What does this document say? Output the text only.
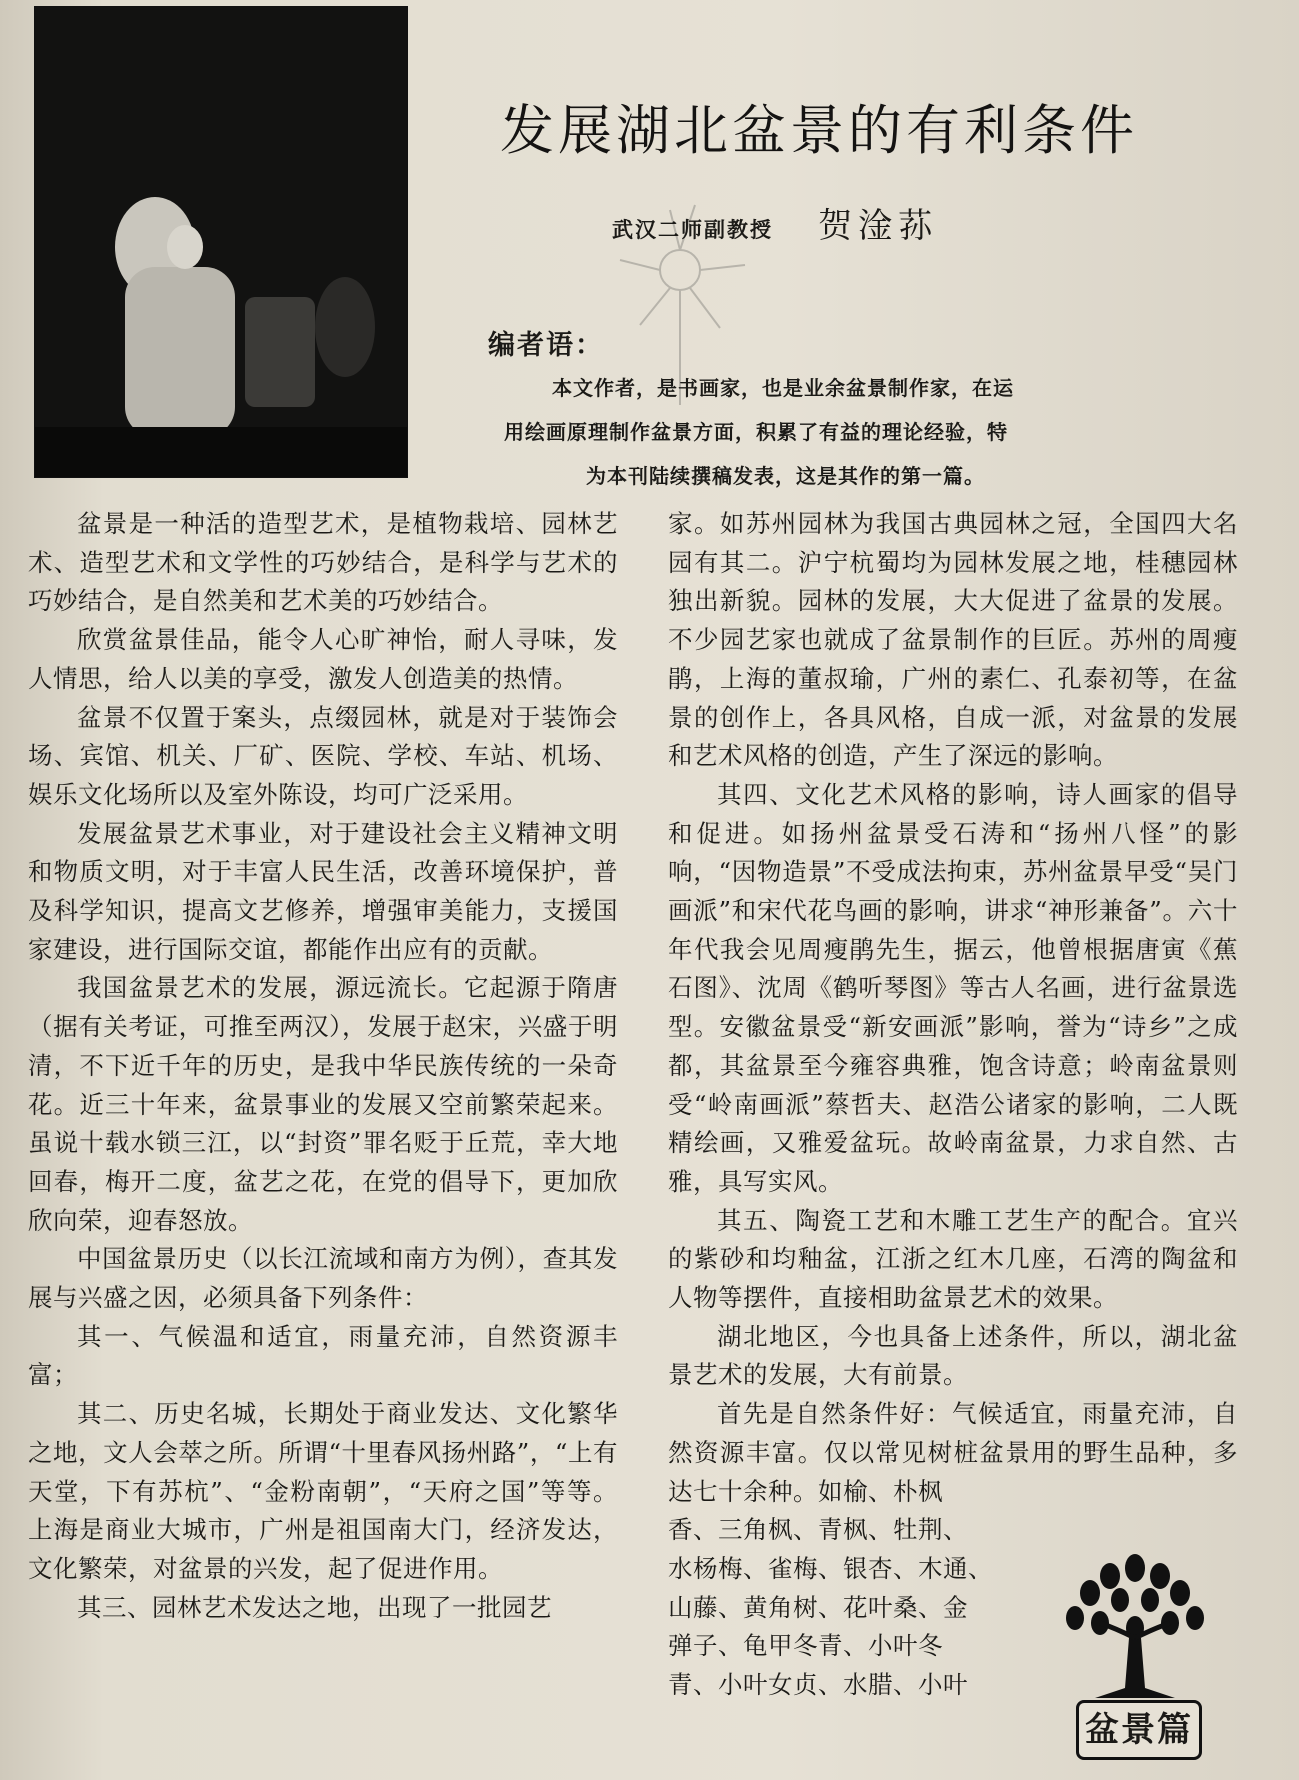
发展湖北盆景的有利条件
武汉二师副教授 贺淦荪
编者语：
本文作者，是书画家，也是业余盆景制作家，在运
用绘画原理制作盆景方面，积累了有益的理论经验，特
为本刊陆续撰稿发表，这是其作的第一篇。

盆景是一种活的造型艺术，是植物栽培、园林艺术、造型艺术和文学性的巧妙结合，是科学与艺术的巧妙结合，是自然美和艺术美的巧妙结合。

欣赏盆景佳品，能令人心旷神怡，耐人寻味，发人情思，给人以美的享受，激发人创造美的热情。

盆景不仅置于案头，点缀园林，就是对于装饰会场、宾馆、机关、厂矿、医院、学校、车站、机场、娱乐文化场所以及室外陈设，均可广泛采用。

发展盆景艺术事业，对于建设社会主义精神文明和物质文明，对于丰富人民生活，改善环境保护，普及科学知识，提高文艺修养，增强审美能力，支援国家建设，进行国际交谊，都能作出应有的贡献。

我国盆景艺术的发展，源远流长。它起源于隋唐（据有关考证，可推至两汉），发展于赵宋，兴盛于明清，不下近千年的历史，是我中华民族传统的一朵奇花。近三十年来，盆景事业的发展又空前繁荣起来。虽说十载水锁三江，以“封资”罪名贬于丘荒，幸大地回春，梅开二度，盆艺之花，在党的倡导下，更加欣欣向荣，迎春怒放。

中国盆景历史（以长江流域和南方为例），查其发展与兴盛之因，必须具备下列条件：

其一、气候温和适宜，雨量充沛，自然资源丰富；

其二、历史名城，长期处于商业发达、文化繁华之地，文人会萃之所。所谓“十里春风扬州路”，“上有天堂，下有苏杭”、“金粉南朝”，“天府之国”等等。上海是商业大城市，广州是祖国南大门，经济发达，文化繁荣，对盆景的兴发，起了促进作用。

其三、园林艺术发达之地，出现了一批园艺

家。如苏州园林为我国古典园林之冠，全国四大名园有其二。沪宁杭蜀均为园林发展之地，桂穗园林独出新貌。园林的发展，大大促进了盆景的发展。不少园艺家也就成了盆景制作的巨匠。苏州的周瘦鹃，上海的董叔瑜，广州的素仁、孔泰初等，在盆景的创作上，各具风格，自成一派，对盆景的发展和艺术风格的创造，产生了深远的影响。

其四、文化艺术风格的影响，诗人画家的倡导和促进。如扬州盆景受石涛和“扬州八怪”的影响，“因物造景”不受成法拘束，苏州盆景早受“吴门画派”和宋代花鸟画的影响，讲求“神形兼备”。六十年代我会见周瘦鹃先生，据云，他曾根据唐寅《蕉石图》、沈周《鹤听琴图》等古人名画，进行盆景选型。安徽盆景受“新安画派”影响，誉为“诗乡”之成都，其盆景至今雍容典雅，饱含诗意；岭南盆景则受“岭南画派”蔡哲夫、赵浩公诸家的影响，二人既精绘画，又雅爱盆玩。故岭南盆景，力求自然、古雅，具写实风。

其五、陶瓷工艺和木雕工艺生产的配合。宜兴的紫砂和均釉盆，江浙之红木几座，石湾的陶盆和人物等摆件，直接相助盆景艺术的效果。

湖北地区，今也具备上述条件，所以，湖北盆景艺术的发展，大有前景。

首先是自然条件好：气候适宜，雨量充沛，自然资源丰富。仅以常见树桩盆景用的野生品种，多达七十余种。如榆、朴枫

香、三角枫、青枫、牡荆、
水杨梅、雀梅、银杏、木通、
山藤、黄角树、花叶桑、金
弹子、龟甲冬青、小叶冬
青、小叶女贞、水腊、小叶
盆景篇
